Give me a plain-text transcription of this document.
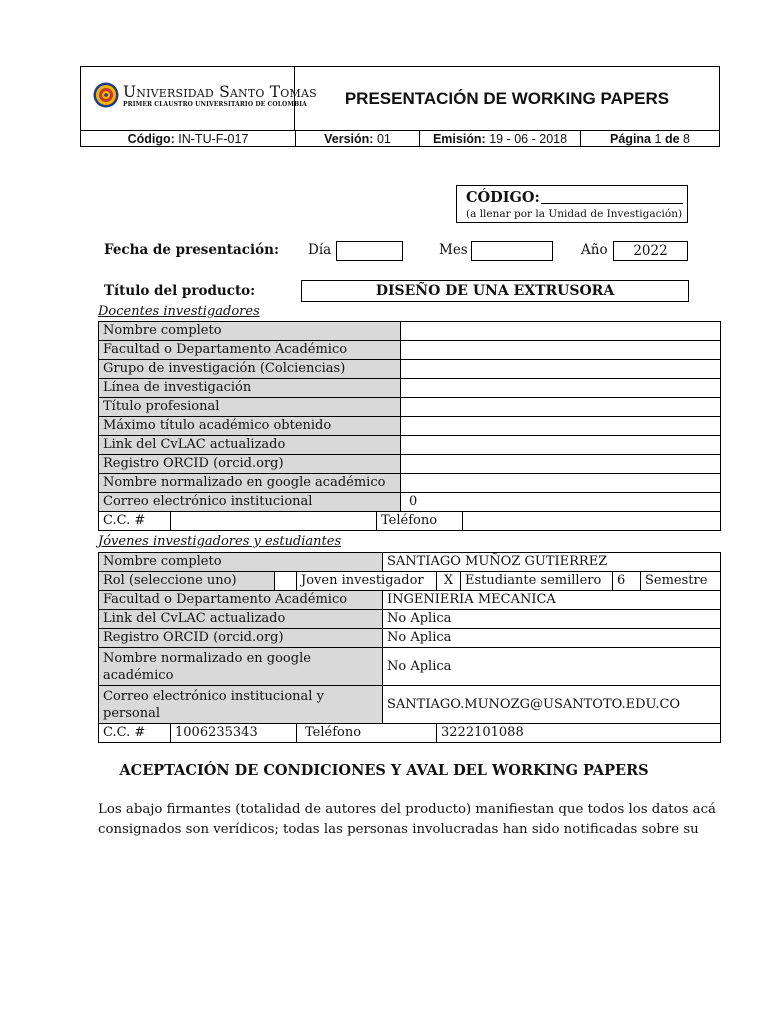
Universidad Santo Tomas
PRIMER CLAUSTRO UNIVERSITARIO DE COLOMBIA	PRESENTACIÓN DE WORKING PAPERS
Código: IN-TU-F-017	Versión: 01	Emisión: 19 - 06 - 2018	Página 1 de 8
CÓDIGO:
(a llenar por la Unidad de Investigación)
Fecha de presentación: Día	Mes	Año	2022
Título del producto:	DISEÑO DE UNA EXTRUSORA
Docentes investigadores
Nombre completo				
Facultad o Departamento Académico				
Grupo de investigación (Colciencias)				
Línea de investigación				
Título profesional				
Máximo título académico obtenido				
Link del CvLAC actualizado				
Registro ORCID (orcid.org)				
Nombre normalizado en google académico				
Correo electrónico institucional			0	
C.C. #		Teléfono		
Jóvenes investigadores y estudiantes
Nombre completo				SANTIAGO MUÑOZ GUTIERREZ				
Rol (seleccione uno)			Joven investigador		X	Estudiante semillero	6	Semestre
Facultad o Departamento Académico				INGENIERIA MECANICA				
Link del CvLAC actualizado				No Aplica				
Registro ORCID (orcid.org)				No Aplica				
Nombre normalizado en google académico				No Aplica				
Correo electrónico institucional y personal				SANTIAGO.MUNOZG@USANTOTO.EDU.CO				
C.C. #	1006235343		Teléfono		3222101088			
ACEPTACIÓN DE CONDICIONES Y AVAL DEL WORKING PAPERS
Los abajo firmantes (totalidad de autores del producto) manifiestan que todos los datos acá
consignados son verídicos; todas las personas involucradas han sido notificadas sobre su
